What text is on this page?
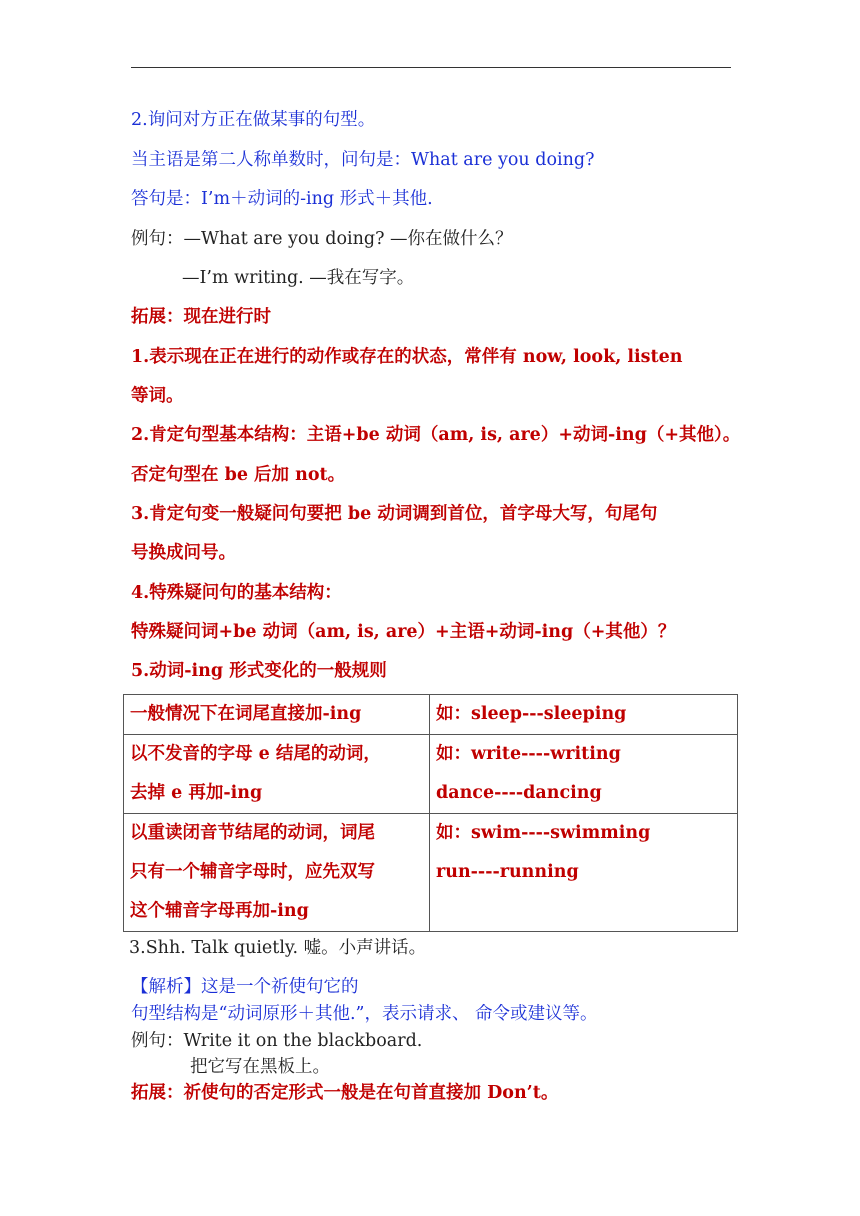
2.询问对方正在做某事的句型。
当主语是第二人称单数时，问句是：What are you doing?
答句是：I’m＋动词的-ing 形式＋其他.
例句：—What are you doing? —你在做什么？
—I’m writing. —我在写字。
拓展：现在进行时
1.表示现在正在进行的动作或存在的状态，常伴有 now, look, listen
等词。
2.肯定句型基本结构：主语+be 动词（am, is, are）+动词-ing（+其他）。
否定句型在 be 后加 not。
3.肯定句变一般疑问句要把 be 动词调到首位，首字母大写，句尾句
号换成问号。
4.特殊疑问句的基本结构：
特殊疑问词+be 动词（am, is, are）+主语+动词-ing（+其他）？
5.动词-ing 形式变化的一般规则
一般情况下在词尾直接加-ing	如：sleep---sleeping

以不发音的字母 e 结尾的动词，
去掉 e 再加-ing	如：write----writing
dance----dancing

以重读闭音节结尾的动词，词尾
只有一个辅音字母时，应先双写
这个辅音字母再加-ing	如：swim----swimming
run----running
3.Shh. Talk quietly. 嘘。小声讲话。
【解析】这是一个祈使句它的
句型结构是“动词原形＋其他.”，表示请求、 命令或建议等。
例句：Write it on the blackboard.
把它写在黑板上。
拓展：祈使句的否定形式一般是在句首直接加 Don’t。
